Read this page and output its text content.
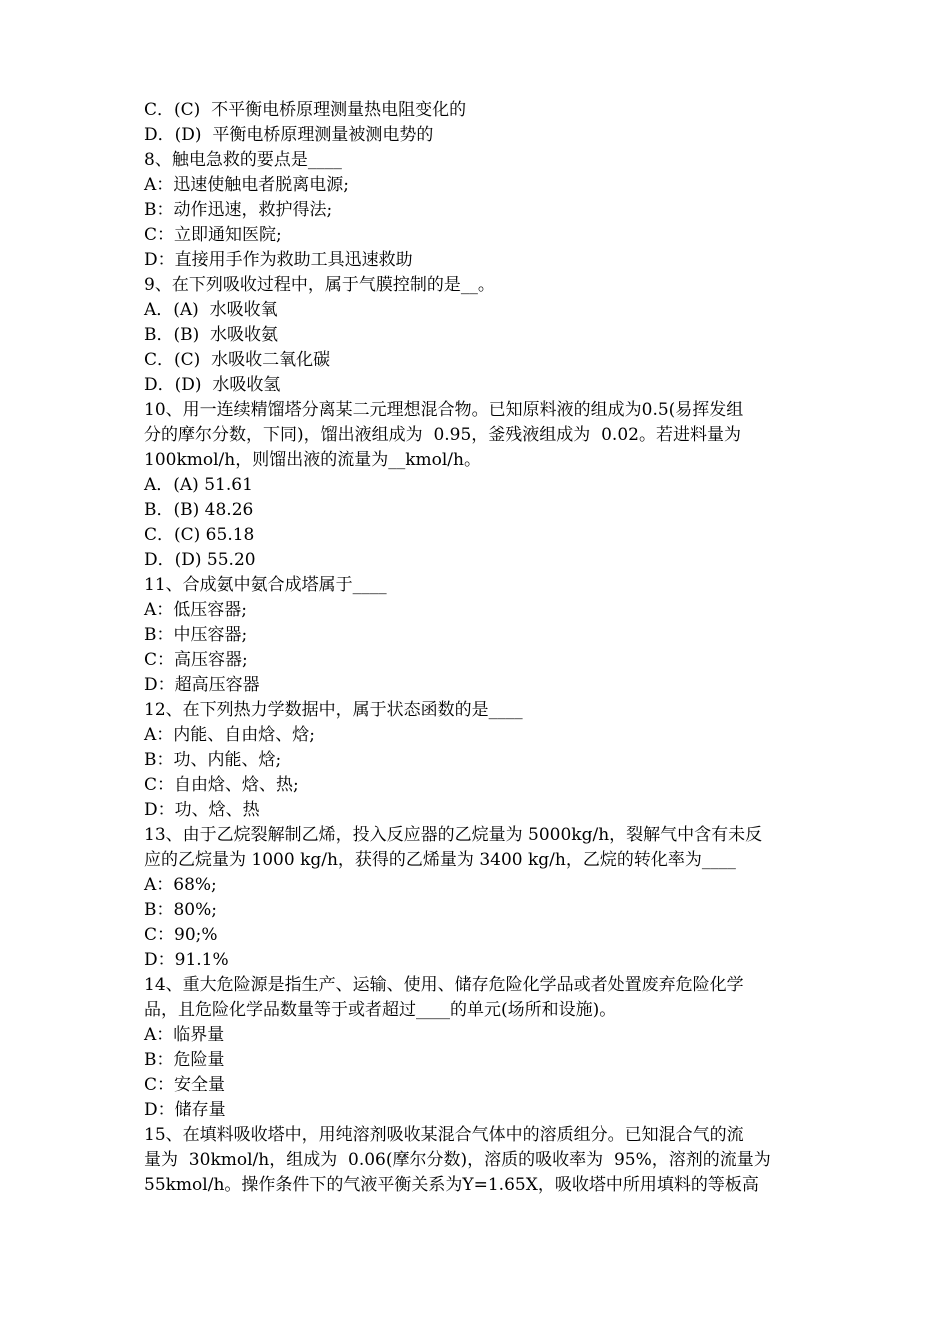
C．(C)  不平衡电桥原理测量热电阻变化的
D．(D)  平衡电桥原理测量被测电势的
8、触电急救的要点是____
A：迅速使触电者脱离电源;
B：动作迅速，救护得法;
C：立即通知医院;
D：直接用手作为救助工具迅速救助
9、在下列吸收过程中，属于气膜控制的是__。
A．(A)  水吸收氧
B．(B)  水吸收氨
C．(C)  水吸收二氧化碳
D．(D)  水吸收氢
10、用一连续精馏塔分离某二元理想混合物。已知原料液的组成为0.5(易挥发组
分的摩尔分数，下同)，馏出液组成为  0.95，釜残液组成为  0.02。若进料量为
100kmol/h，则馏出液的流量为__kmol/h。
A．(A) 51.61
B．(B) 48.26
C．(C) 65.18
D．(D) 55.20
11、合成氨中氨合成塔属于____
A：低压容器;
B：中压容器;
C：高压容器;
D：超高压容器
12、在下列热力学数据中，属于状态函数的是____
A：内能、自由焓、焓;
B：功、内能、焓;
C：自由焓、焓、热;
D：功、焓、热
13、由于乙烷裂解制乙烯，投入反应器的乙烷量为 5000kg/h，裂解气中含有未反
应的乙烷量为 1000 kg/h，获得的乙烯量为 3400 kg/h，乙烷的转化率为____
A：68%;
B：80%;
C：90;%
D：91.1%
14、重大危险源是指生产、运输、使用、储存危险化学品或者处置废弃危险化学
品，且危险化学品数量等于或者超过____的单元(场所和设施)。
A：临界量
B：危险量
C：安全量
D：储存量
15、在填料吸收塔中，用纯溶剂吸收某混合气体中的溶质组分。已知混合气的流
量为  30kmol/h，组成为  0.06(摩尔分数)，溶质的吸收率为  95%，溶剂的流量为
55kmol/h。操作条件下的气液平衡关系为Y=1.65X，吸收塔中所用填料的等板高
